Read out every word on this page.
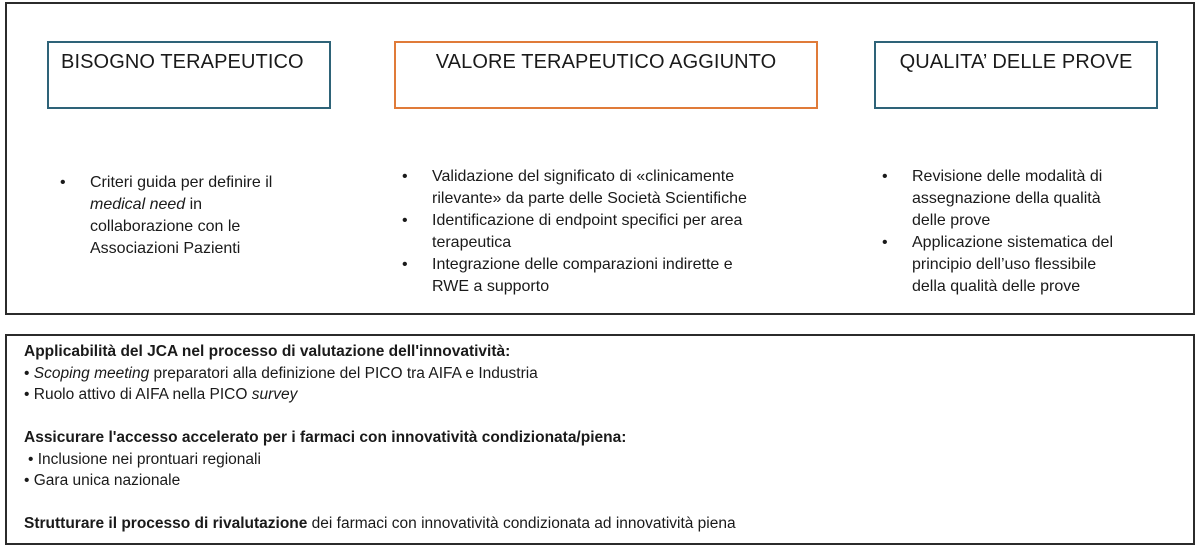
BISOGNO TERAPEUTICO	VALORE TERAPEUTICO AGGIUNTO	QUALITA’ DELLE PROVE
• Criteri guida per definire il
medical need in
collaborazione con le
Associazioni Pazienti
• Validazione del significato di «clinicamente
rilevante» da parte delle Società Scientifiche
• Identificazione di endpoint specifici per area
terapeutica
• Integrazione delle comparazioni indirette e
RWE a supporto
• Revisione delle modalità di
assegnazione della qualità
delle prove
• Applicazione sistematica del
principio dell’uso flessibile
della qualità delle prove

Applicabilità del JCA nel processo di valutazione dell'innovatività:

• Scoping meeting preparatori alla definizione del PICO tra AIFA e Industria

• Ruolo attivo di AIFA nella PICO survey

Assicurare l'accesso accelerato per i farmaci con innovatività condizionata/piena:

• Inclusione nei prontuari regionali

• Gara unica nazionale

Strutturare il processo di rivalutazione dei farmaci con innovatività condizionata ad innovatività piena
